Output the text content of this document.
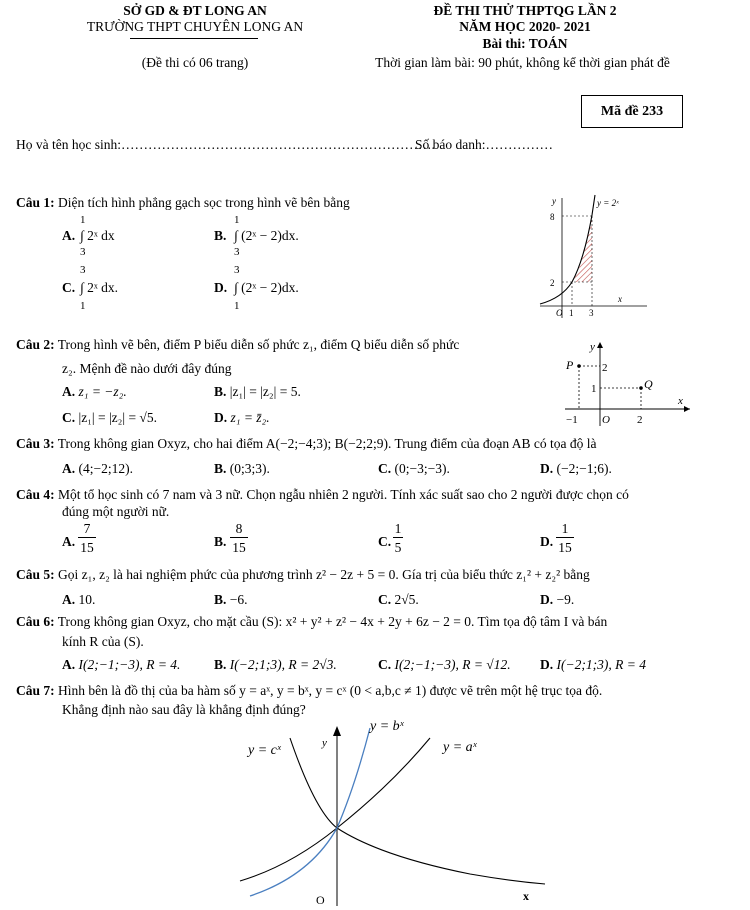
SỞ GD & ĐT LONG AN
TRƯỜNG THPT CHUYÊN LONG AN
(Đề thi có 06 trang)
ĐỀ THI THỬ THPTQG LẦN 2
NĂM HỌC 2020- 2021
Bài thi: TOÁN
Thời gian làm bài: 90 phút, không kể thời gian phát đề
Mã đề 233
Họ và tên học sinh:…………………………………………………………….
Số báo danh:……………
Câu 1: Diện tích hình phẳng gạch sọc trong hình vẽ bên bằng
A.
1
∫ 2ˣ dx
3
B.
1
∫ (2ˣ − 2)dx.
3
C.
3
∫ 2ˣ dx.
1
D.
3
∫ (2ˣ − 2)dx.
1
y	y = 2ˣ
8
2
x
O 1 3
Câu 2: Trong hình vẽ bên, điểm P biểu diễn số phức z₁, điểm Q biểu diễn số phức
z₂. Mệnh đề nào dưới đây đúng
A. z₁ = −z₂.	B. |z₁| = |z₂| = 5.
C. |z₁| = |z₂| = √5.	D. z₁ = z̄₂.
y
P	2
1	Q
x
−1 O 2
Câu 3: Trong không gian Oxyz, cho hai điểm A(−2;−4;3); B(−2;2;9). Trung điểm của đoạn AB có tọa độ là
A. (4;−2;12).	B. (0;3;3).	C. (0;−3;−3).	D. (−2;−1;6).
Câu 4: Một tổ học sinh có 7 nam và 3 nữ. Chọn ngẫu nhiên 2 người. Tính xác suất sao cho 2 người được chọn có
đúng một người nữ.
A.
7
15	B.
8
15	C.
1
5	D.
1
15
Câu 5: Gọi z₁, z₂ là hai nghiệm phức của phương trình z² − 2z + 5 = 0. Gía trị của biểu thức z₁² + z₂² bằng
A. 10.	B. −6.	C. 2√5.	D. −9.
Câu 6: Trong không gian Oxyz, cho mặt cầu (S): x² + y² + z² − 4x + 2y + 6z − 2 = 0. Tìm tọa độ tâm I và bán
kính R của (S).
A. I(2;−1;−3), R = 4. B. I(−2;1;3), R = 2√3.	C. I(2;−1;−3), R = √12. D. I(−2;1;3), R = 4
Câu 7: Hình bên là đồ thị của ba hàm số y = aˣ, y = bˣ, y = cˣ (0 < a,b,c ≠ 1) được vẽ trên một hệ trục tọa độ.
Khẳng định nào sau đây là khẳng định đúng?
y = cˣ	y
y = bˣ
y = aˣ
O	x
